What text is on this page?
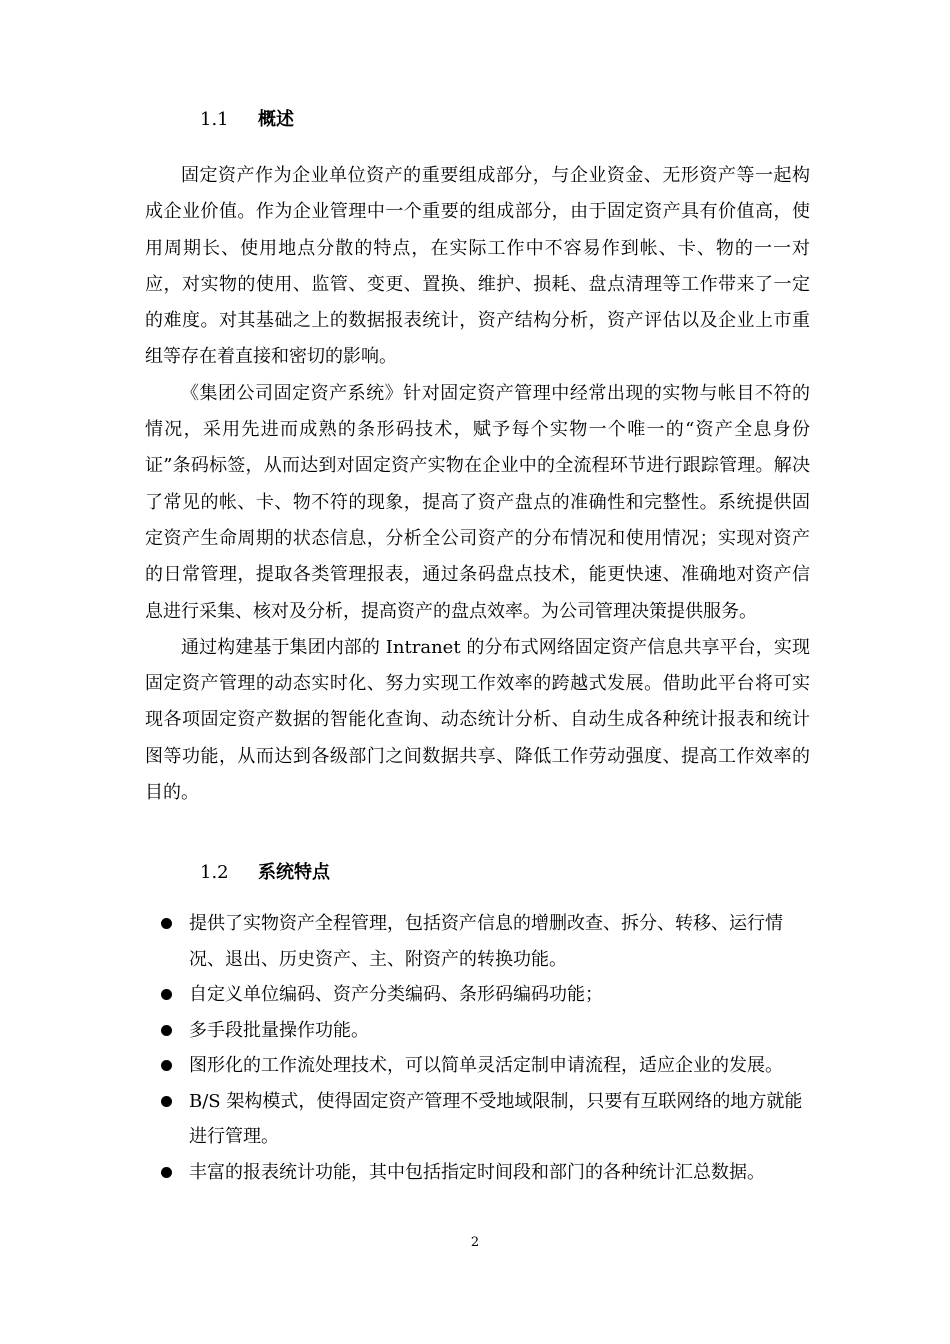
1.1 概述

固定资产作为企业单位资产的重要组成部分，与企业资金、无形资产等一起构成企业价值。作为企业管理中一个重要的组成部分，由于固定资产具有价值高，使用周期长、使用地点分散的特点，在实际工作中不容易作到帐、卡、物的一一对应，对实物的使用、监管、变更、置换、维护、损耗、盘点清理等工作带来了一定的难度。对其基础之上的数据报表统计，资产结构分析，资产评估以及企业上市重组等存在着直接和密切的影响。

《集团公司固定资产系统》针对固定资产管理中经常出现的实物与帐目不符的情况，采用先进而成熟的条形码技术，赋予每个实物一个唯一的“资产全息身份证”条码标签，从而达到对固定资产实物在企业中的全流程环节进行跟踪管理。解决了常见的帐、卡、物不符的现象，提高了资产盘点的准确性和完整性。系统提供固定资产生命周期的状态信息，分析全公司资产的分布情况和使用情况；实现对资产的日常管理，提取各类管理报表，通过条码盘点技术，能更快速、准确地对资产信息进行采集、核对及分析，提高资产的盘点效率。为公司管理决策提供服务。

通过构建基于集团内部的 Intranet 的分布式网络固定资产信息共享平台，实现固定资产管理的动态实时化、努力实现工作效率的跨越式发展。借助此平台将可实现各项固定资产数据的智能化查询、动态统计分析、自动生成各种统计报表和统计图等功能，从而达到各级部门之间数据共享、降低工作劳动强度、提高工作效率的目的。

1.2 系统特点
提供了实物资产全程管理，包括资产信息的增删改查、拆分、转移、运行情况、退出、历史资产、主、附资产的转换功能。
自定义单位编码、资产分类编码、条形码编码功能；
多手段批量操作功能。
图形化的工作流处理技术，可以简单灵活定制申请流程，适应企业的发展。
B/S 架构模式，使得固定资产管理不受地域限制，只要有互联网络的地方就能进行管理。
丰富的报表统计功能，其中包括指定时间段和部门的各种统计汇总数据。
2
